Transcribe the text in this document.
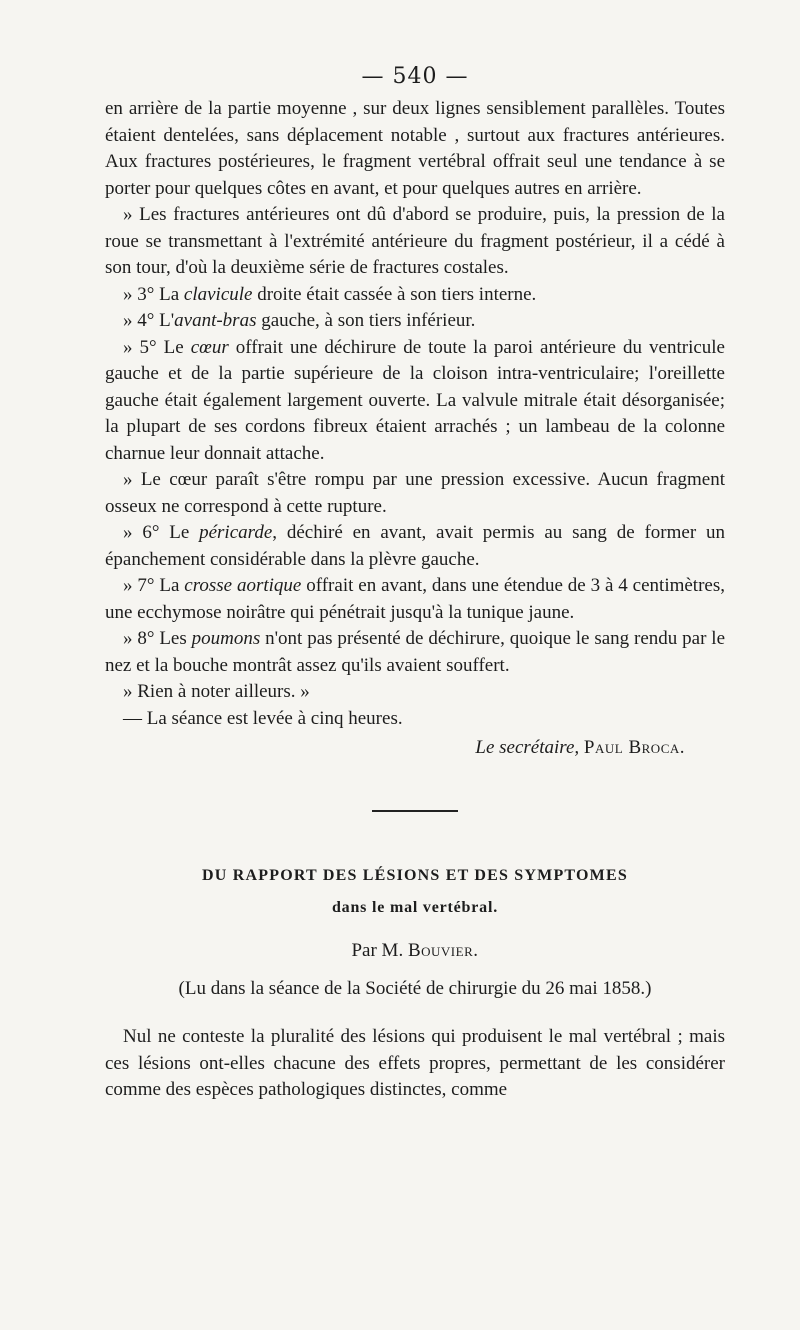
— 540 —

en arrière de la partie moyenne , sur deux lignes sensiblement parallèles. Toutes étaient dentelées, sans déplacement notable , surtout aux fractures antérieures. Aux fractures postérieures, le fragment vertébral offrait seul une tendance à se porter pour quelques côtes en avant, et pour quelques autres en arrière.

» Les fractures antérieures ont dû d'abord se produire, puis, la pression de la roue se transmettant à l'extrémité antérieure du fragment postérieur, il a cédé à son tour, d'où la deuxième série de fractures costales.

» 3° La clavicule droite était cassée à son tiers interne.

» 4° L'avant-bras gauche, à son tiers inférieur.

» 5° Le cœur offrait une déchirure de toute la paroi antérieure du ventricule gauche et de la partie supérieure de la cloison intra-ventriculaire; l'oreillette gauche était également largement ouverte. La valvule mitrale était désorganisée; la plupart de ses cordons fibreux étaient arrachés ; un lambeau de la colonne charnue leur donnait attache.

» Le cœur paraît s'être rompu par une pression excessive. Aucun fragment osseux ne correspond à cette rupture.

» 6° Le péricarde, déchiré en avant, avait permis au sang de former un épanchement considérable dans la plèvre gauche.

» 7° La crosse aortique offrait en avant, dans une étendue de 3 à 4 centimètres, une ecchymose noirâtre qui pénétrait jusqu'à la tunique jaune.

» 8° Les poumons n'ont pas présenté de déchirure, quoique le sang rendu par le nez et la bouche montrât assez qu'ils avaient souffert.

» Rien à noter ailleurs. »

— La séance est levée à cinq heures.

Le secrétaire, Paul Broca.
DU RAPPORT DES LÉSIONS ET DES SYMPTOMES
dans le mal vertébral.
Par M. Bouvier.
(Lu dans la séance de la Société de chirurgie du 26 mai 1858.)

Nul ne conteste la pluralité des lésions qui produisent le mal vertébral ; mais ces lésions ont-elles chacune des effets propres, permettant de les considérer comme des espèces pathologiques distinctes, comme
